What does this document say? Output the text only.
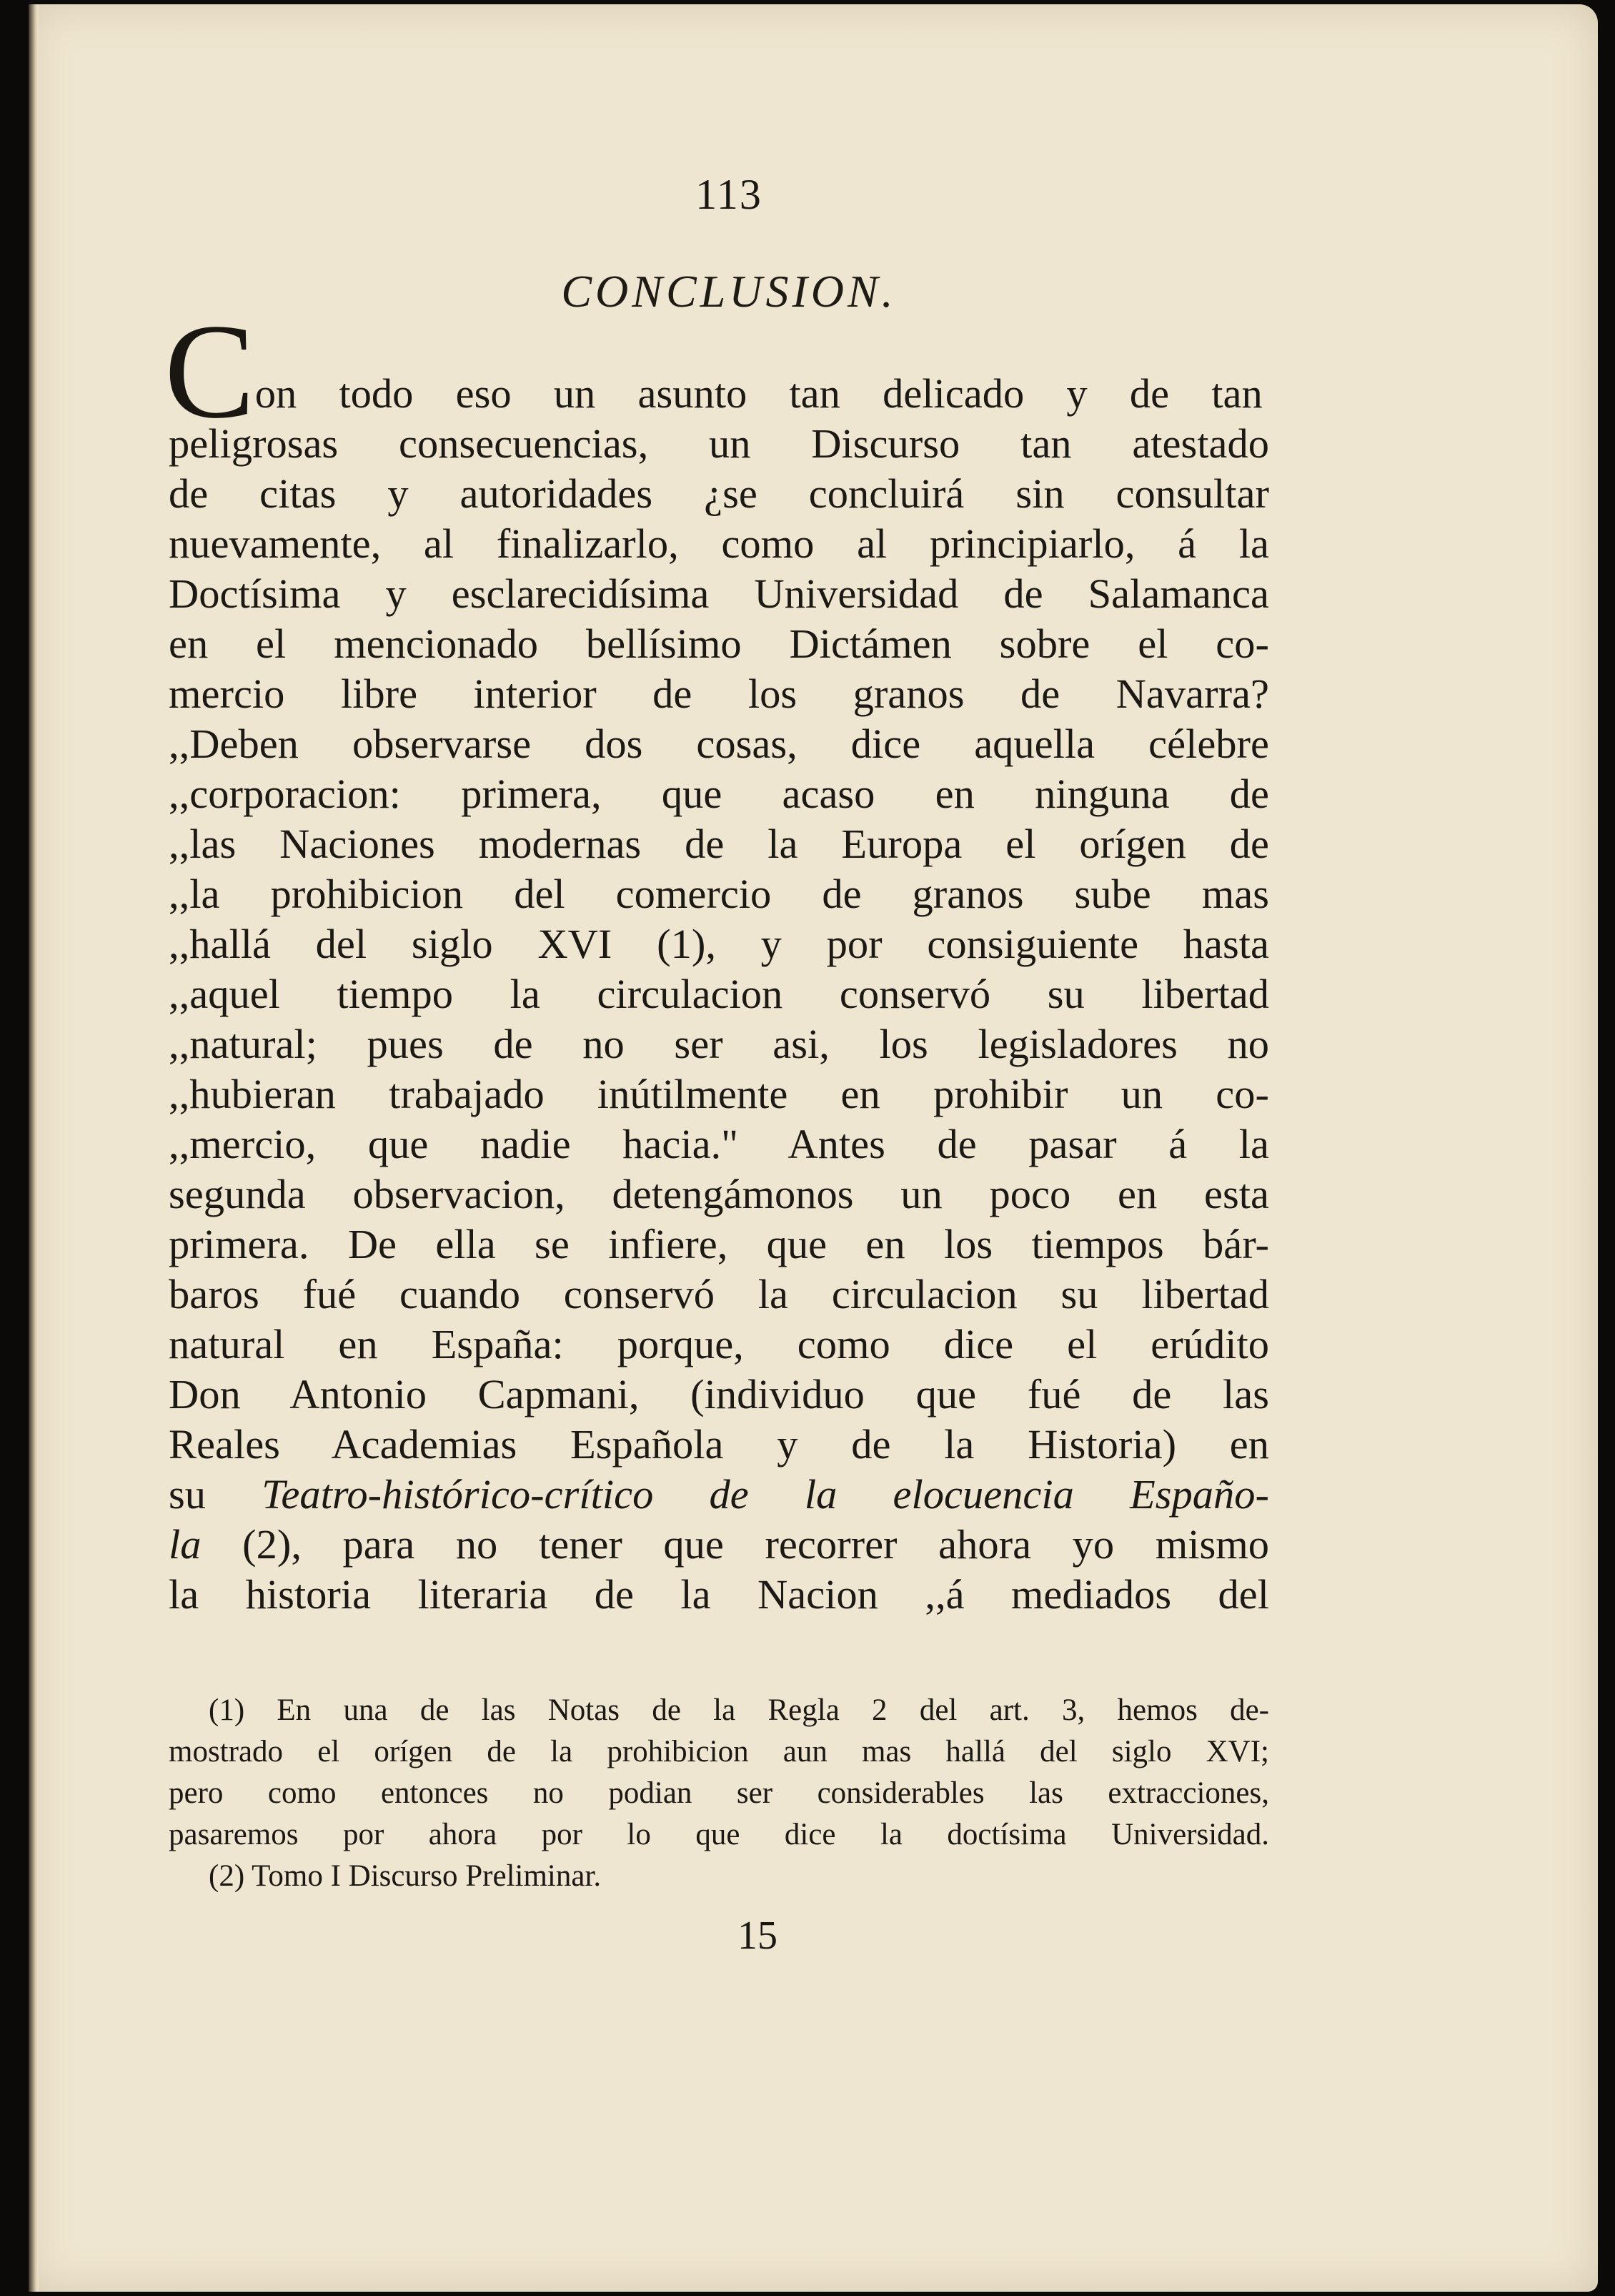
113
CONCLUSION.
C on todo eso un asunto tan delicado y de tan
peligrosas consecuencias, un Discurso tan atestado
de citas y autoridades ¿se concluirá sin consultar
nuevamente, al finalizarlo, como al principiarlo, á la
Doctísima y esclarecidísima Universidad de Salamanca
en el mencionado bellísimo Dictámen sobre el co-
mercio libre interior de los granos de Navarra?
,,Deben observarse dos cosas, dice aquella célebre
,,corporacion: primera, que acaso en ninguna de
,,las Naciones modernas de la Europa el orígen de
,,la prohibicion del comercio de granos sube mas
,,hallá del siglo XVI (1), y por consiguiente hasta
,,aquel tiempo la circulacion conservó su libertad
,,natural; pues de no ser asi, los legisladores no
,,hubieran trabajado inútilmente en prohibir un co-
,,mercio, que nadie hacia." Antes de pasar á la
segunda observacion, detengámonos un poco en esta
primera. De ella se infiere, que en los tiempos bár-
baros fué cuando conservó la circulacion su libertad
natural en España: porque, como dice el erúdito
Don Antonio Capmani, (individuo que fué de las
Reales Academias Española y de la Historia) en
su Teatro-histórico-crítico de la elocuencia Españo-
la (2), para no tener que recorrer ahora yo mismo
la historia literaria de la Nacion ,,á mediados del
(1) En una de las Notas de la Regla 2 del art. 3, hemos de-
mostrado el orígen de la prohibicion aun mas hallá del siglo XVI;
pero como entonces no podian ser considerables las extracciones,
pasaremos por ahora por lo que dice la doctísima Universidad.
(2) Tomo I Discurso Preliminar.
15
